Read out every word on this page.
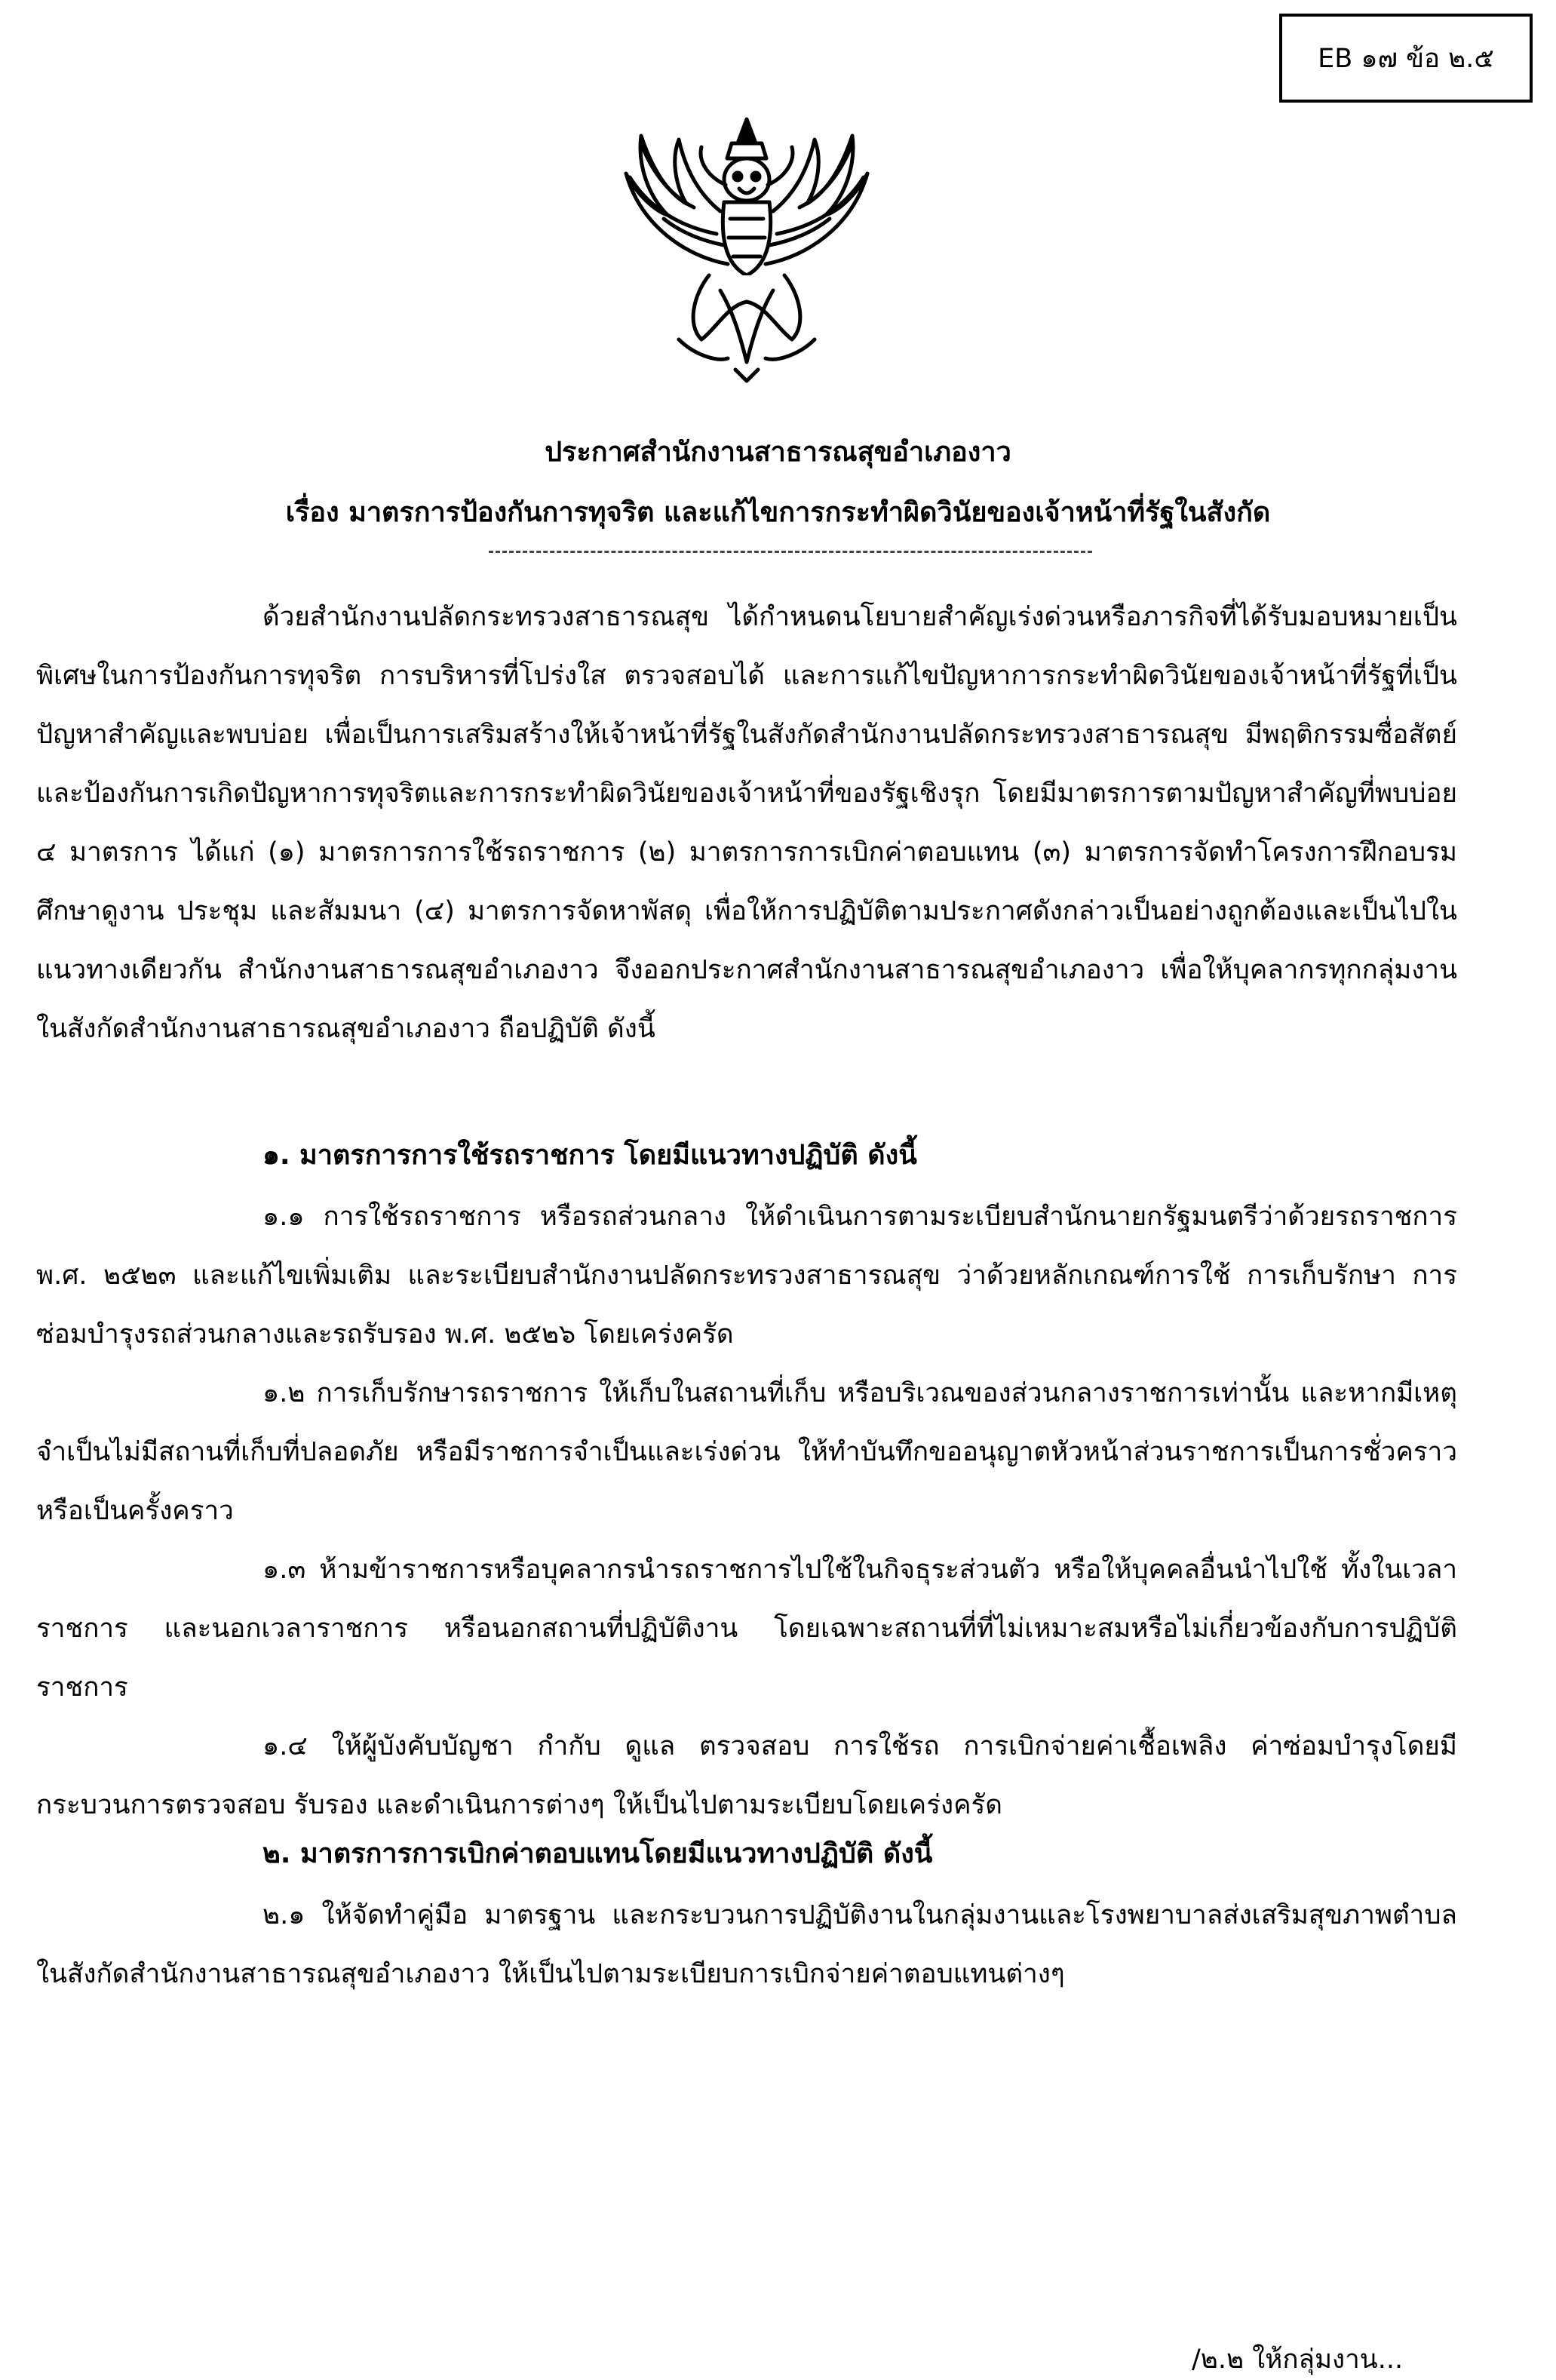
EB ๑๗ ข้อ ๒.๕
ประกาศสำนักงานสาธารณสุขอำเภองาว
เรื่อง มาตรการป้องกันการทุจริต และแก้ไขการกระทำผิดวินัยของเจ้าหน้าที่รัฐในสังกัด
ด้วยสำนักงานปลัดกระทรวงสาธารณสุข ได้กำหนดนโยบายสำคัญเร่งด่วนหรือภารกิจที่ได้รับมอบหมายเป็นพิเศษในการป้องกันการทุจริต การบริหารที่โปร่งใส ตรวจสอบได้ และการแก้ไขปัญหาการกระทำผิดวินัยของเจ้าหน้าที่รัฐที่เป็นปัญหาสำคัญและพบบ่อย เพื่อเป็นการเสริมสร้างให้เจ้าหน้าที่รัฐในสังกัดสำนักงานปลัดกระทรวงสาธารณสุข มีพฤติกรรมซื่อสัตย์และป้องกันการเกิดปัญหาการทุจริตและการกระทำผิดวินัยของเจ้าหน้าที่ของรัฐเชิงรุก โดยมีมาตรการตามปัญหาสำคัญที่พบบ่อย ๔ มาตรการ ได้แก่ (๑) มาตรการการใช้รถราชการ (๒) มาตรการการเบิกค่าตอบแทน (๓) มาตรการจัดทำโครงการฝึกอบรม ศึกษาดูงาน ประชุม และสัมมนา (๔) มาตรการจัดหาพัสดุ เพื่อให้การปฏิบัติตามประกาศดังกล่าวเป็นอย่างถูกต้องและเป็นไปในแนวทางเดียวกัน สำนักงานสาธารณสุขอำเภองาว จึงออกประกาศสำนักงานสาธารณสุขอำเภองาว เพื่อให้บุคลากรทุกกลุ่มงานในสังกัดสำนักงานสาธารณสุขอำเภองาว ถือปฏิบัติ ดังนี้
๑. มาตรการการใช้รถราชการ โดยมีแนวทางปฏิบัติ ดังนี้
๑.๑ การใช้รถราชการ หรือรถส่วนกลาง ให้ดำเนินการตามระเบียบสำนักนายกรัฐมนตรีว่าด้วยรถราชการ พ.ศ. ๒๕๒๓ และแก้ไขเพิ่มเติม และระเบียบสำนักงานปลัดกระทรวงสาธารณสุข ว่าด้วยหลักเกณฑ์การใช้ การเก็บรักษา การซ่อมบำรุงรถส่วนกลางและรถรับรอง พ.ศ. ๒๕๒๖ โดยเคร่งครัด
๑.๒ การเก็บรักษารถราชการ ให้เก็บในสถานที่เก็บ หรือบริเวณของส่วนกลางราชการเท่านั้น และหากมีเหตุจำเป็นไม่มีสถานที่เก็บที่ปลอดภัย หรือมีราชการจำเป็นและเร่งด่วน ให้ทำบันทึกขออนุญาตหัวหน้าส่วนราชการเป็นการชั่วคราว หรือเป็นครั้งคราว
๑.๓ ห้ามข้าราชการหรือบุคลากรนำรถราชการไปใช้ในกิจธุระส่วนตัว หรือให้บุคคลอื่นนำไปใช้ ทั้งในเวลาราชการ และนอกเวลาราชการ หรือนอกสถานที่ปฏิบัติงาน โดยเฉพาะสถานที่ที่ไม่เหมาะสมหรือไม่เกี่ยวข้องกับการปฏิบัติราชการ
๑.๔ ให้ผู้บังคับบัญชา กำกับ ดูแล ตรวจสอบ การใช้รถ การเบิกจ่ายค่าเชื้อเพลิง ค่าซ่อมบำรุงโดยมีกระบวนการตรวจสอบ รับรอง และดำเนินการต่างๆ ให้เป็นไปตามระเบียบโดยเคร่งครัด
๒. มาตรการการเบิกค่าตอบแทนโดยมีแนวทางปฏิบัติ ดังนี้
๒.๑ ให้จัดทำคู่มือ มาตรฐาน และกระบวนการปฏิบัติงานในกลุ่มงานและโรงพยาบาลส่งเสริมสุขภาพตำบลในสังกัดสำนักงานสาธารณสุขอำเภองาว ให้เป็นไปตามระเบียบการเบิกจ่ายค่าตอบแทนต่างๆ
/๒.๒ ให้กลุ่มงาน...
